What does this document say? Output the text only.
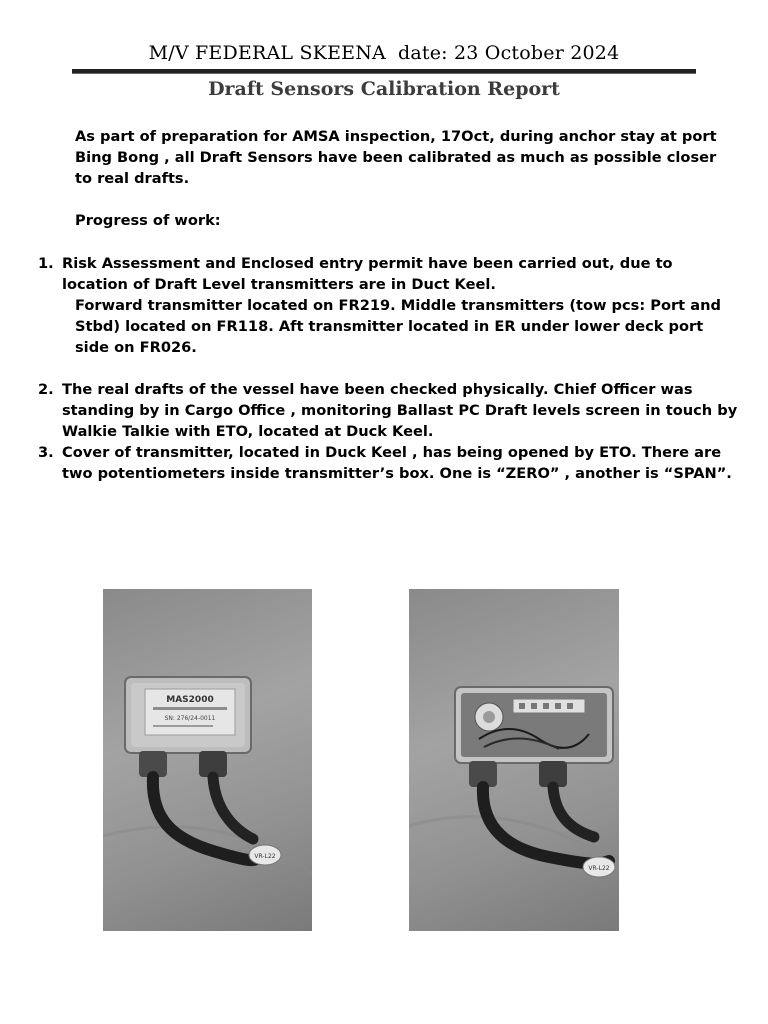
M/V FEDERAL SKEENA date: 23 October 2024
Draft Sensors Calibration Report
As part of preparation for AMSA inspection, 17Oct, during anchor stay at port Bing Bong , all Draft Sensors have been calibrated as much as possible closer to real drafts.
Progress of work:
1. Risk Assessment and Enclosed entry permit have been carried out, due to location of Draft Level transmitters are in Duct Keel.
Forward transmitter located on FR219. Middle transmitters (tow pcs: Port and Stbd) located on FR118. Aft transmitter located in ER under lower deck port side on FR026.
2. The real drafts of the vessel have been checked physically. Chief Officer was standing by in Cargo Office , monitoring Ballast PC Draft levels screen in touch by Walkie Talkie with ETO, located at Duck Keel.
3. Cover of transmitter, located in Duck Keel , has being opened by ETO. There are two potentiometers inside transmitter’s box. One is “ZERO” , another is “SPAN”.
MAS2000
SN: 276/24-0011
VR-L22
VR-L22
